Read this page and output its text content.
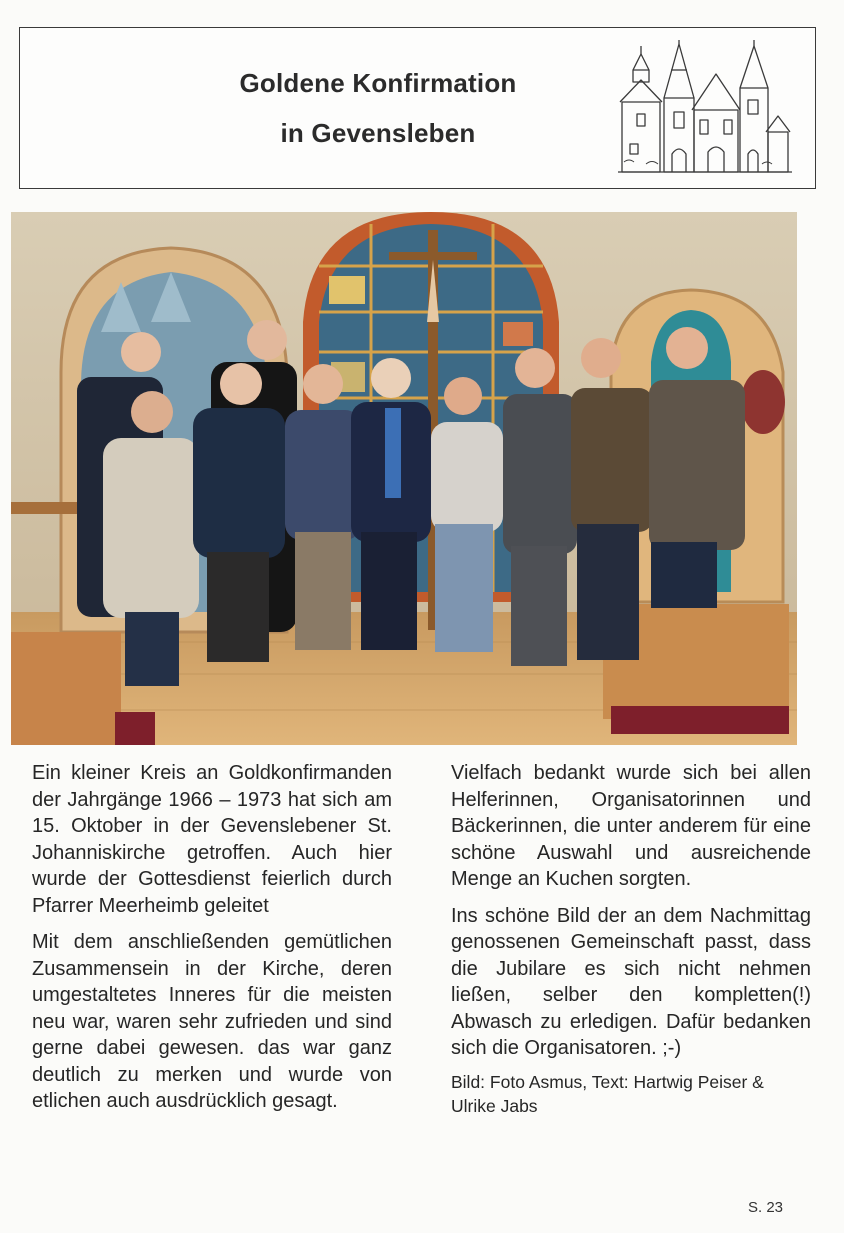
Goldene Konfirmation
in Gevensleben

Ein kleiner Kreis an Goldkonfirmanden der Jahrgänge 1966 – 1973 hat sich am 15. Oktober in der Gevenslebener St. Johanniskirche getroffen. Auch hier wurde der Gottesdienst feierlich durch Pfarrer Meerheimb geleitet

Mit dem anschließenden gemütlichen Zusammensein in der Kirche, deren umgestaltetes Inneres für die meisten neu war, waren sehr zufrieden und sind gerne dabei gewesen. das war ganz deutlich zu merken und wurde von etlichen auch ausdrücklich gesagt.

Vielfach bedankt wurde sich bei allen Helferinnen, Organisatorinnen und Bäckerinnen, die unter anderem für eine schöne Auswahl und ausreichende Menge an Kuchen sorgten.

Ins schöne Bild der an dem Nachmittag genossenen Gemeinschaft passt, dass die Jubilare es sich nicht nehmen ließen, selber den kompletten(!) Abwasch zu erledigen. Dafür bedanken sich die Organisatoren. ;-)

Bild: Foto Asmus, Text: Hartwig Peiser & Ulrike Jabs

S. 23
